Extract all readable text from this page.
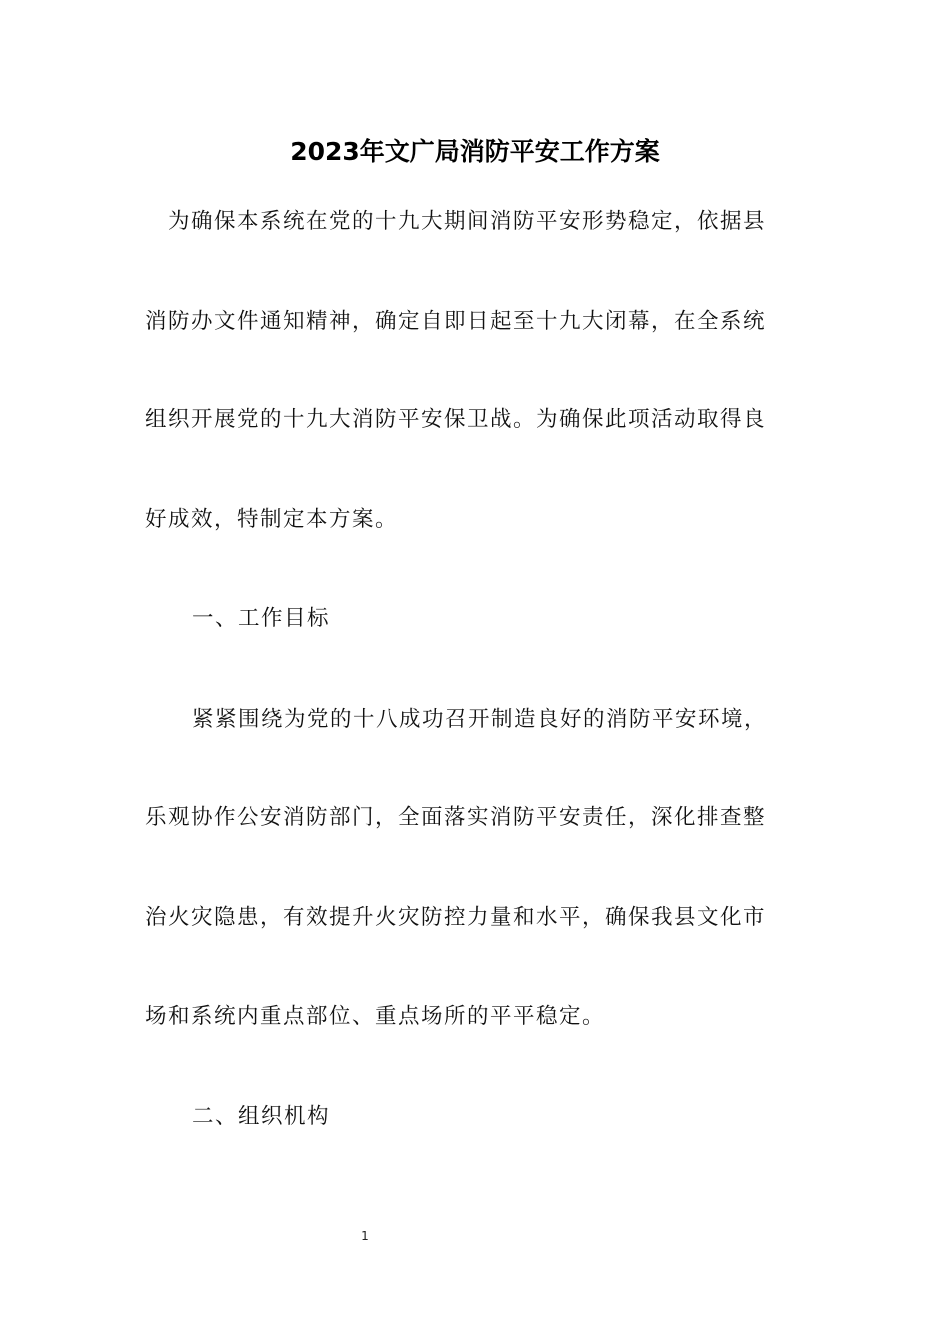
2023年文广局消防平安工作方案
为确保本系统在党的十九大期间消防平安形势稳定，依据县
消防办文件通知精神，确定自即日起至十九大闭幕，在全系统
组织开展党的十九大消防平安保卫战。为确保此项活动取得良
好成效，特制定本方案。
一、工作目标
紧紧围绕为党的十八成功召开制造良好的消防平安环境，
乐观协作公安消防部门，全面落实消防平安责任，深化排查整
治火灾隐患，有效提升火灾防控力量和水平，确保我县文化市
场和系统内重点部位、重点场所的平平稳定。
二、组织机构
1
